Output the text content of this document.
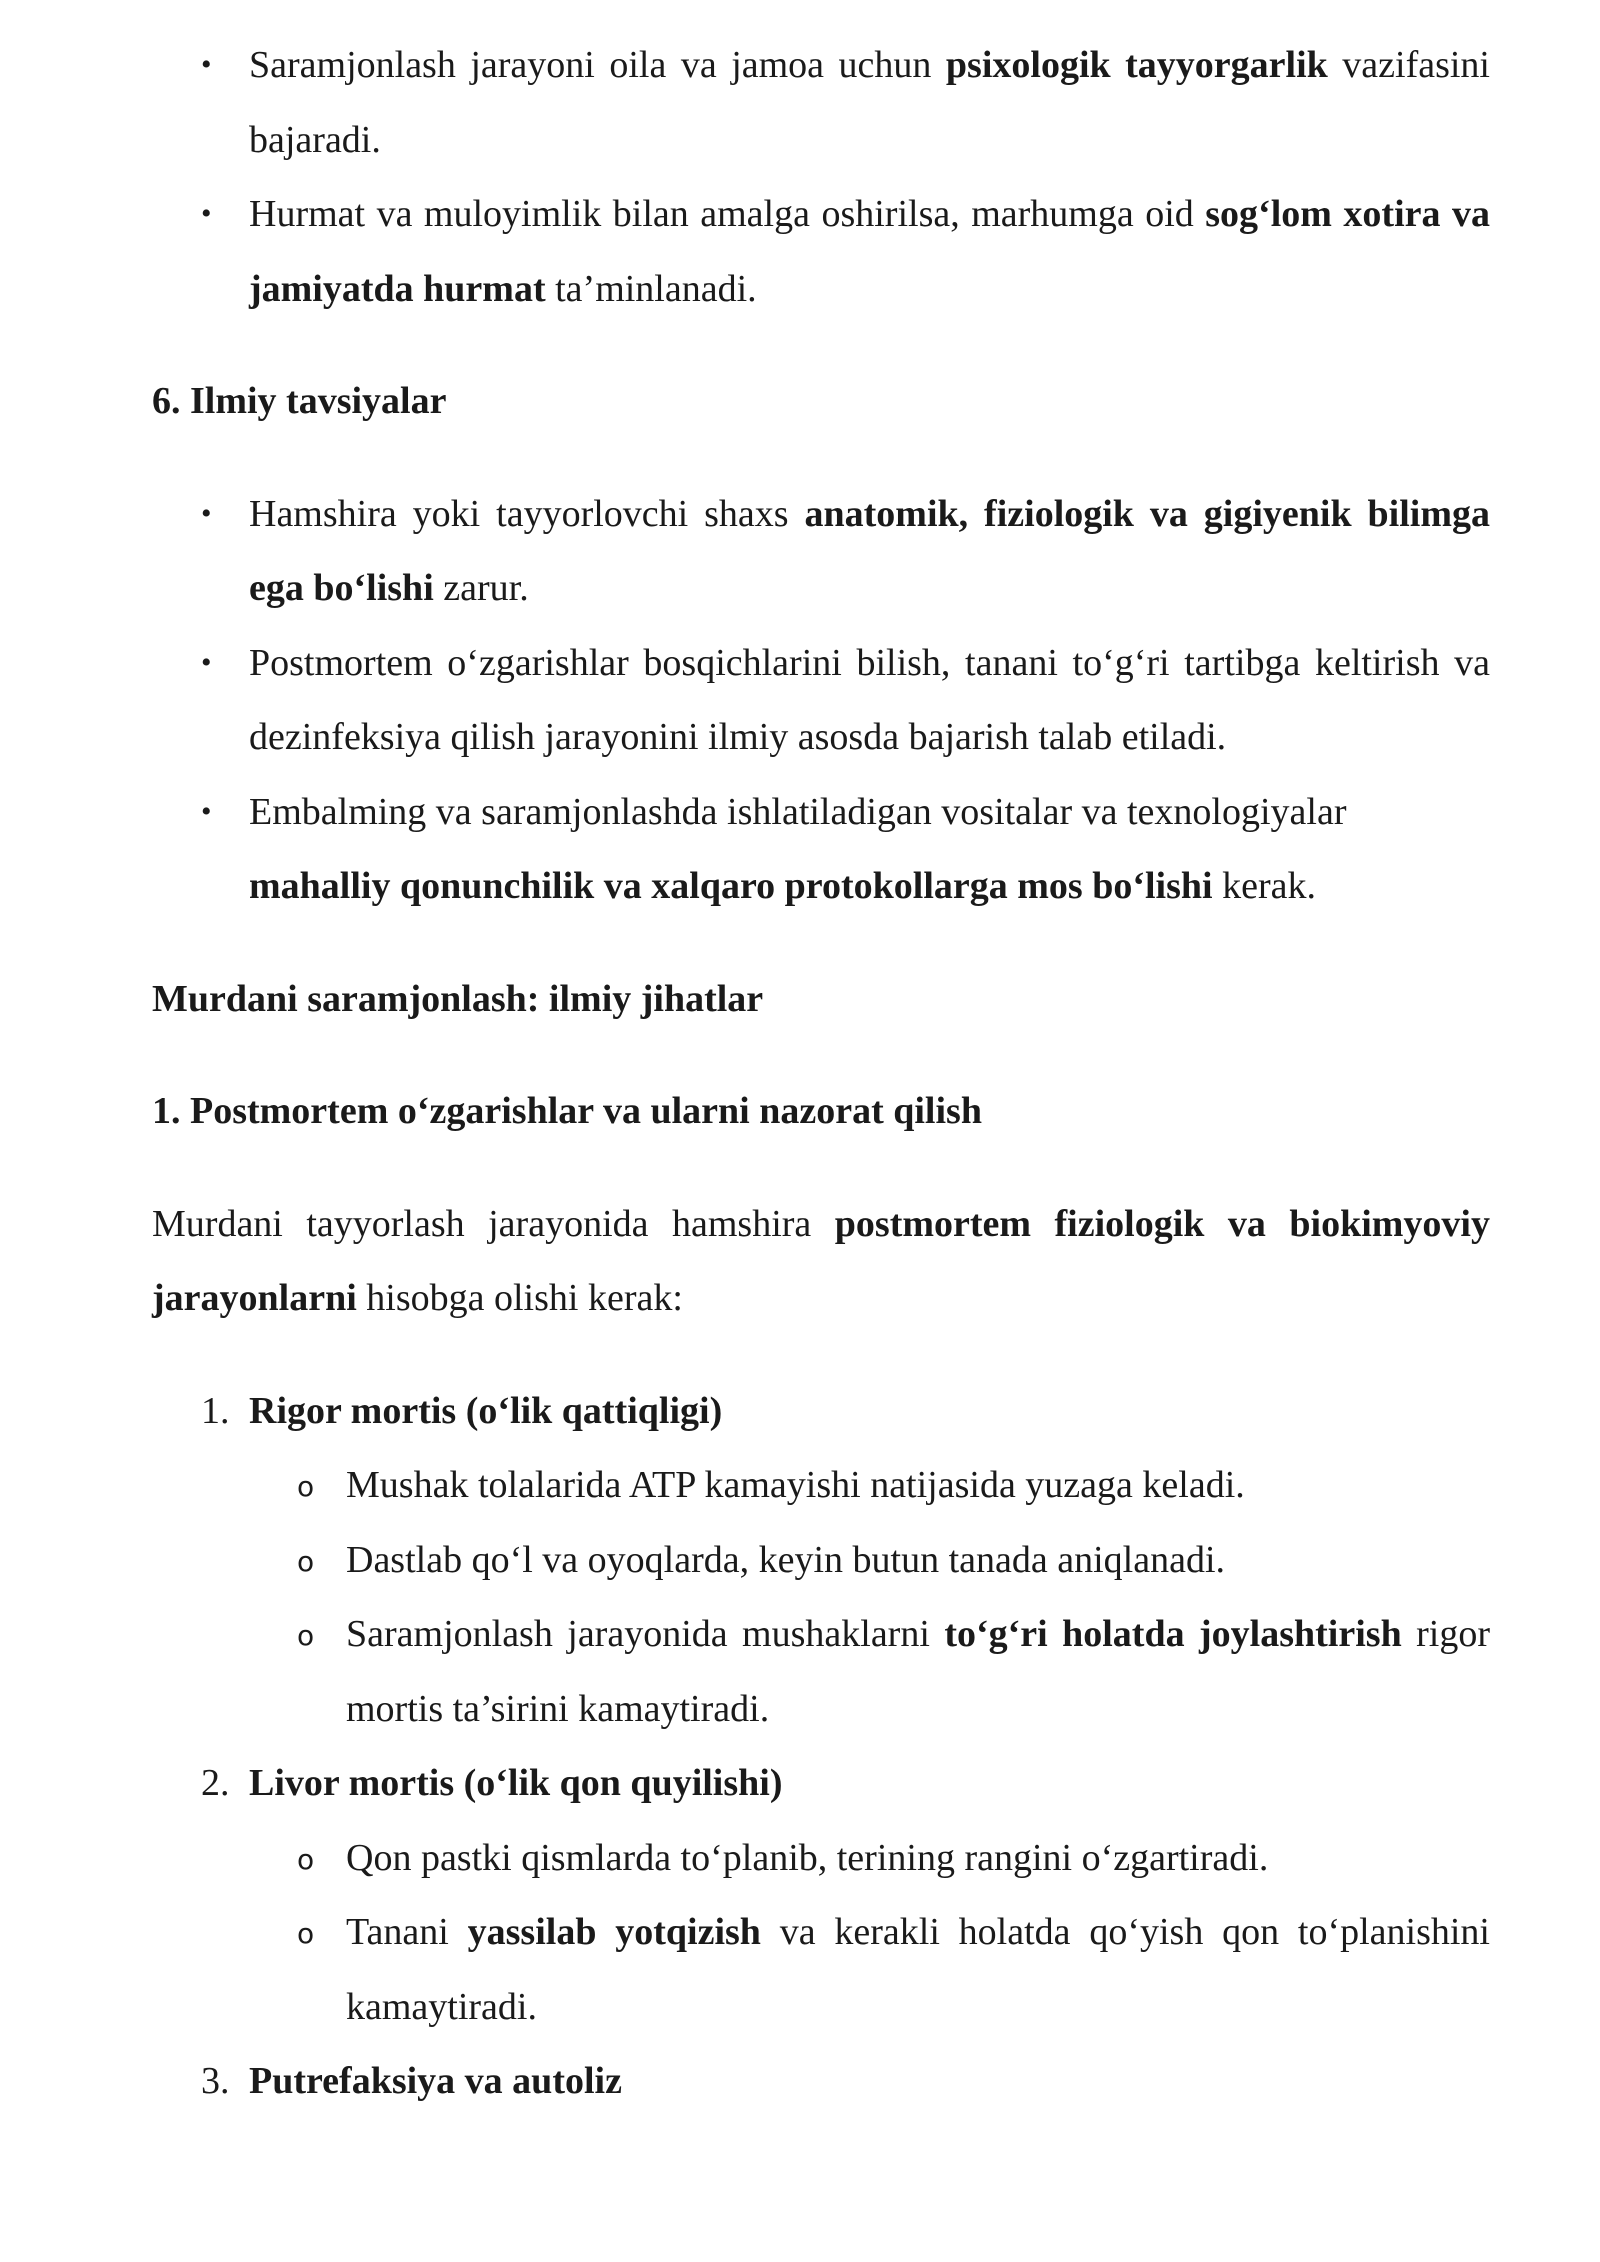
• Saramjonlash jarayoni oila va jamoa uchun psixologik tayyorgarlik vazifasini bajaradi.
• Hurmat va muloyimlik bilan amalga oshirilsa, marhumga oid sog‘lom xotira va jamiyatda hurmat ta’minlanadi.
6. Ilmiy tavsiyalar
• Hamshira yoki tayyorlovchi shaxs anatomik, fiziologik va gigiyenik bilimga ega bo‘lishi zarur.
• Postmortem o‘zgarishlar bosqichlarini bilish, tanani to‘g‘ri tartibga keltirish va dezinfeksiya qilish jarayonini ilmiy asosda bajarish talab etiladi.
• Embalming va saramjonlashda ishlatiladigan vositalar va texnologiyalar mahalliy qonunchilik va xalqaro protokollarga mos bo‘lishi kerak.
Murdani saramjonlash: ilmiy jihatlar
1. Postmortem o‘zgarishlar va ularni nazorat qilish

Murdani tayyorlash jarayonida hamshira postmortem fiziologik va biokimyoviy jarayonlarni hisobga olishi kerak:

1. Rigor mortis (o‘lik qattiqligi)
o Mushak tolalarida ATP kamayishi natijasida yuzaga keladi.
o Dastlab qo‘l va oyoqlarda, keyin butun tanada aniqlanadi.
o Saramjonlash jarayonida mushaklarni to‘g‘ri holatda joylashtirish rigor mortis ta’sirini kamaytiradi.
2. Livor mortis (o‘lik qon quyilishi)
o Qon pastki qismlarda to‘planib, terining rangini o‘zgartiradi.
o Tanani yassilab yotqizish va kerakli holatda qo‘yish qon to‘planishini kamaytiradi.
3. Putrefaksiya va autoliz
